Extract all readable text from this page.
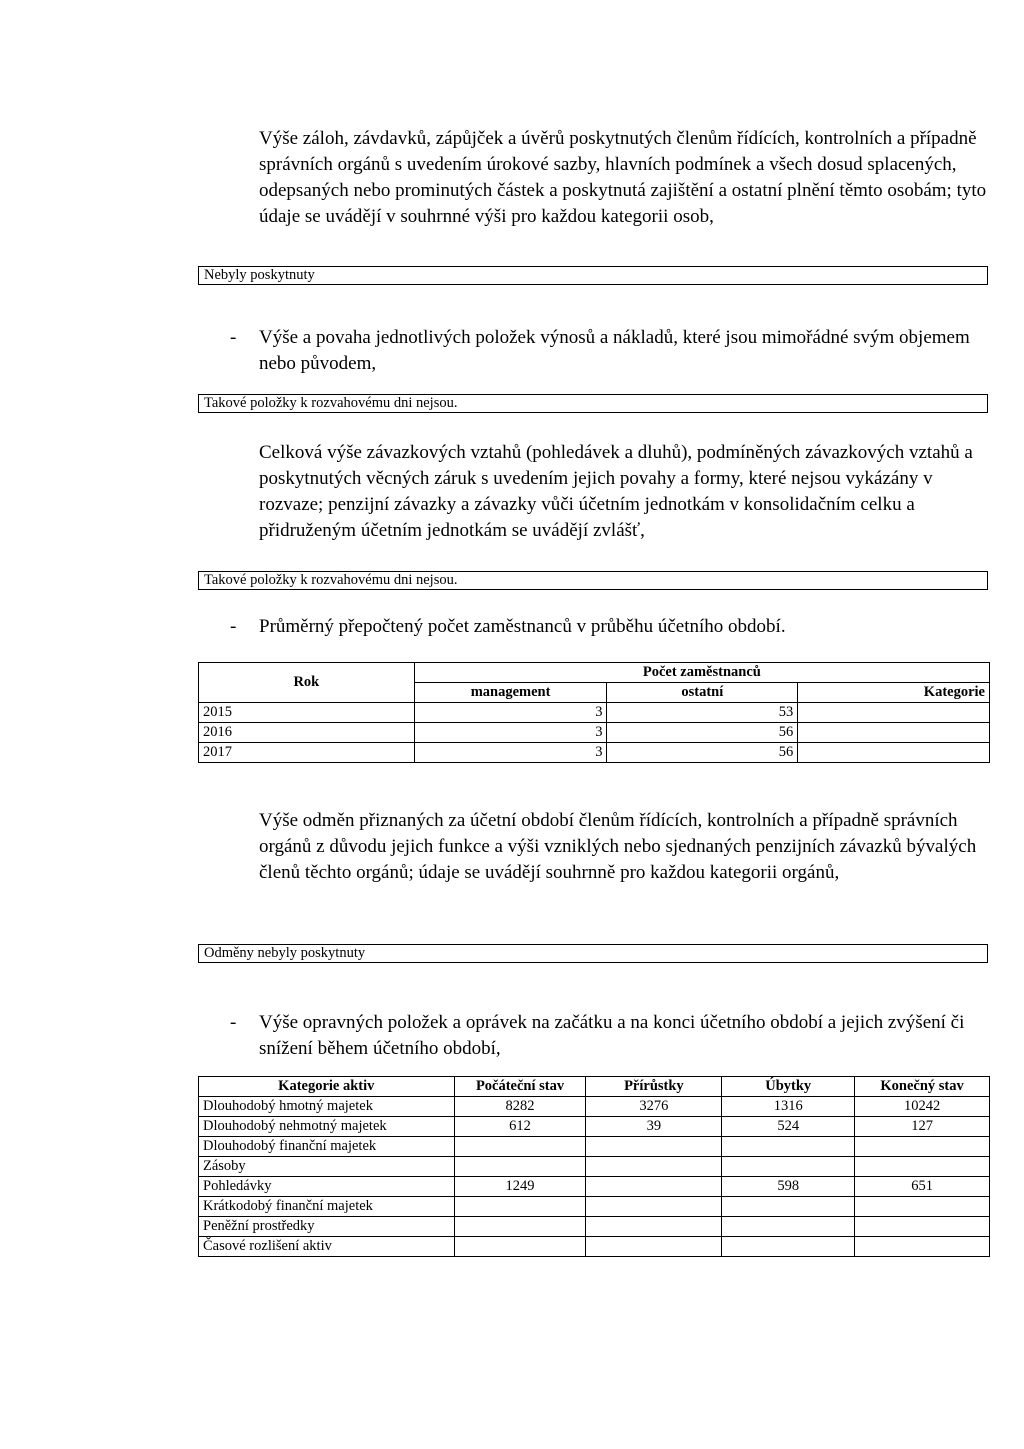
Výše záloh, závdavků, zápůjček a úvěrů poskytnutých členům řídících, kontrolních a případně správních orgánů s uvedením úrokové sazby, hlavních podmínek a všech dosud splacených, odepsaných nebo prominutých částek a poskytnutá zajištění a ostatní plnění těmto osobám; tyto údaje se uvádějí v souhrnné výši pro každou kategorii osob,

Nebyly poskytnuty
-	Výše a povaha jednotlivých položek výnosů a nákladů, které jsou mimořádné svým objemem nebo původem,
Takové položky k rozvahovému dni nejsou.

Celková výše závazkových vztahů (pohledávek a dluhů), podmíněných závazkových vztahů a poskytnutých věcných záruk s uvedením jejich povahy a formy, které nejsou vykázány v rozvaze; penzijní závazky a závazky vůči účetním jednotkám v konsolidačním celku a přidruženým účetním jednotkám se uvádějí zvlášť,

Takové položky k rozvahovému dni nejsou.
-	Průměrný přepočtený počet zaměstnanců v průběhu účetního období.
Rok	Počet zaměstnanců		
	management	ostatní	Kategorie
2015	3	53	
2016	3	56	
2017	3	56	

Výše odměn přiznaných za účetní období členům řídících, kontrolních a případně správních orgánů z důvodu jejich funkce a výši vzniklých nebo sjednaných penzijních závazků bývalých členů těchto orgánů; údaje se uvádějí souhrnně pro každou kategorii orgánů,

Odměny nebyly poskytnuty
-	Výše opravných položek a oprávek na začátku a na konci účetního období a jejich zvýšení či snížení během účetního období,
Kategorie aktiv	Počáteční stav	Přírůstky	Úbytky	Konečný stav
Dlouhodobý hmotný majetek	8282	3276	1316	10242
Dlouhodobý nehmotný majetek	612	39	524	127
Dlouhodobý finanční majetek				
Zásoby				
Pohledávky	1249		598	651
Krátkodobý finanční majetek				
Peněžní prostředky				
Časové rozlišení aktiv				
